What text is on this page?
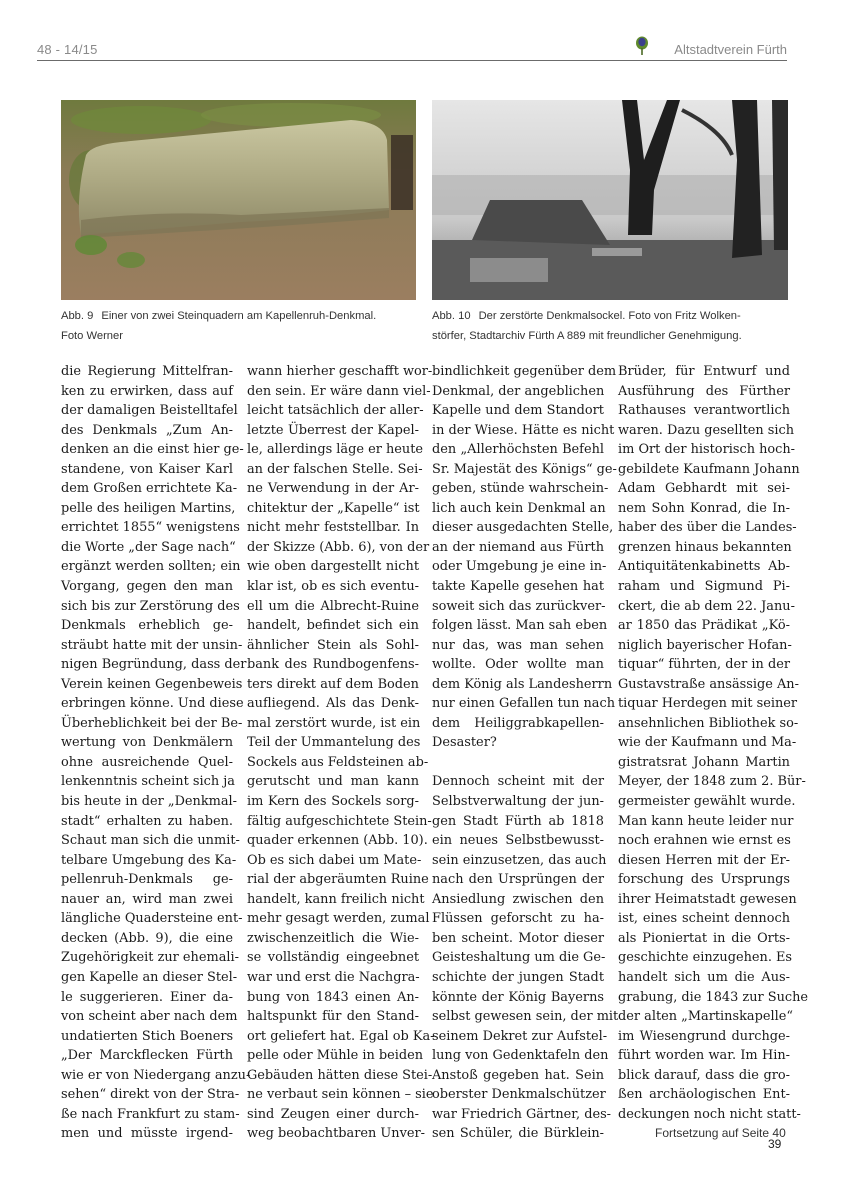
48 - 14/15	Altstadtverein Fürth
Abb. 9 Einer von zwei Steinquadern am Kapellenruh-Denkmal.
Foto Werner
Abb. 10 Der zerstörte Denkmalsockel. Foto von Fritz Wolken-
störfer, Stadtarchiv Fürth A 889 mit freundlicher Genehmigung.
die Regierung Mittelfran-
ken zu erwirken, dass auf
der damaligen Beistelltafel
des Denkmals „Zum An-
denken an die einst hier ge-
standene, von Kaiser Karl
dem Großen errichtete Ka-
pelle des heiligen Martins,
errichtet 1855“ wenigstens
die Worte „der Sage nach“
ergänzt werden sollten; ein
Vorgang, gegen den man
sich bis zur Zerstörung des
Denkmals erheblich ge-
sträubt hatte mit der unsin-
nigen Begründung, dass der
Verein keinen Gegenbeweis
erbringen könne. Und diese
Überheblichkeit bei der Be-
wertung von Denkmälern
ohne ausreichende Quel-
lenkenntnis scheint sich ja
bis heute in der „Denkmal-
stadt“ erhalten zu haben.
Schaut man sich die unmit-
telbare Umgebung des Ka-
pellenruh-Denkmals ge-
nauer an, wird man zwei
längliche Quadersteine ent-
decken (Abb. 9), die eine
Zugehörigkeit zur ehemali-
gen Kapelle an dieser Stel-
le suggerieren. Einer da-
von scheint aber nach dem
undatierten Stich Boeners
„Der Marckflecken Fürth
wie er von Niedergang anzu-
sehen“ direkt von der Stra-
ße nach Frankfurt zu stam-
men und müsste irgend-
wann hierher geschafft wor-
den sein. Er wäre dann viel-
leicht tatsächlich der aller-
letzte Überrest der Kapel-
le, allerdings läge er heute
an der falschen Stelle. Sei-
ne Verwendung in der Ar-
chitektur der „Kapelle“ ist
nicht mehr feststellbar. In
der Skizze (Abb. 6), von der
wie oben dargestellt nicht
klar ist, ob es sich eventu-
ell um die Albrecht-Ruine
handelt, befindet sich ein
ähnlicher Stein als Sohl-
bank des Rundbogenfens-
ters direkt auf dem Boden
aufliegend. Als das Denk-
mal zerstört wurde, ist ein
Teil der Ummantelung des
Sockels aus Feldsteinen ab-
gerutscht und man kann
im Kern des Sockels sorg-
fältig aufgeschichtete Stein-
quader erkennen (Abb. 10).
Ob es sich dabei um Mate-
rial der abgeräumten Ruine
handelt, kann freilich nicht
mehr gesagt werden, zumal
zwischenzeitlich die Wie-
se vollständig eingeebnet
war und erst die Nachgra-
bung von 1843 einen An-
haltspunkt für den Stand-
ort geliefert hat. Egal ob Ka-
pelle oder Mühle in beiden
Gebäuden hätten diese Stei-
ne verbaut sein können – sie
sind Zeugen einer durch-
weg beobachtbaren Unver-
bindlichkeit gegenüber dem
Denkmal, der angeblichen
Kapelle und dem Standort
in der Wiese. Hätte es nicht
den „Allerhöchsten Befehl
Sr. Majestät des Königs“ ge-
geben, stünde wahrschein-
lich auch kein Denkmal an
dieser ausgedachten Stelle,
an der niemand aus Fürth
oder Umgebung je eine in-
takte Kapelle gesehen hat
soweit sich das zurückver-
folgen lässt. Man sah eben
nur das, was man sehen
wollte. Oder wollte man
dem König als Landesherrn
nur einen Gefallen tun nach
dem Heiliggrabkapellen-
Desaster?
Dennoch scheint mit der
Selbstverwaltung der jun-
gen Stadt Fürth ab 1818
ein neues Selbstbewusst-
sein einzusetzen, das auch
nach den Ursprüngen der
Ansiedlung zwischen den
Flüssen geforscht zu ha-
ben scheint. Motor dieser
Geisteshaltung um die Ge-
schichte der jungen Stadt
könnte der König Bayerns
selbst gewesen sein, der mit
seinem Dekret zur Aufstel-
lung von Gedenktafeln den
Anstoß gegeben hat. Sein
oberster Denkmalschützer
war Friedrich Gärtner, des-
sen Schüler, die Bürklein-
Brüder, für Entwurf und
Ausführung des Fürther
Rathauses verantwortlich
waren. Dazu gesellten sich
im Ort der historisch hoch-
gebildete Kaufmann Johann
Adam Gebhardt mit sei-
nem Sohn Konrad, die In-
haber des über die Landes-
grenzen hinaus bekannten
Antiquitätenkabinetts Ab-
raham und Sigmund Pi-
ckert, die ab dem 22. Janu-
ar 1850 das Prädikat „Kö-
niglich bayerischer Hofan-
tiquar“ führten, der in der
Gustavstraße ansässige An-
tiquar Herdegen mit seiner
ansehnlichen Bibliothek so-
wie der Kaufmann und Ma-
gistratsrat Johann Martin
Meyer, der 1848 zum 2. Bür-
germeister gewählt wurde.
Man kann heute leider nur
noch erahnen wie ernst es
diesen Herren mit der Er-
forschung des Ursprungs
ihrer Heimatstadt gewesen
ist, eines scheint dennoch
als Pioniertat in die Orts-
geschichte einzugehen. Es
handelt sich um die Aus-
grabung, die 1843 zur Suche
der alten „Martinskapelle“
im Wiesengrund durchge-
führt worden war. Im Hin-
blick darauf, dass die gro-
ßen archäologischen Ent-
deckungen noch nicht statt-
Fortsetzung auf Seite 40
39
